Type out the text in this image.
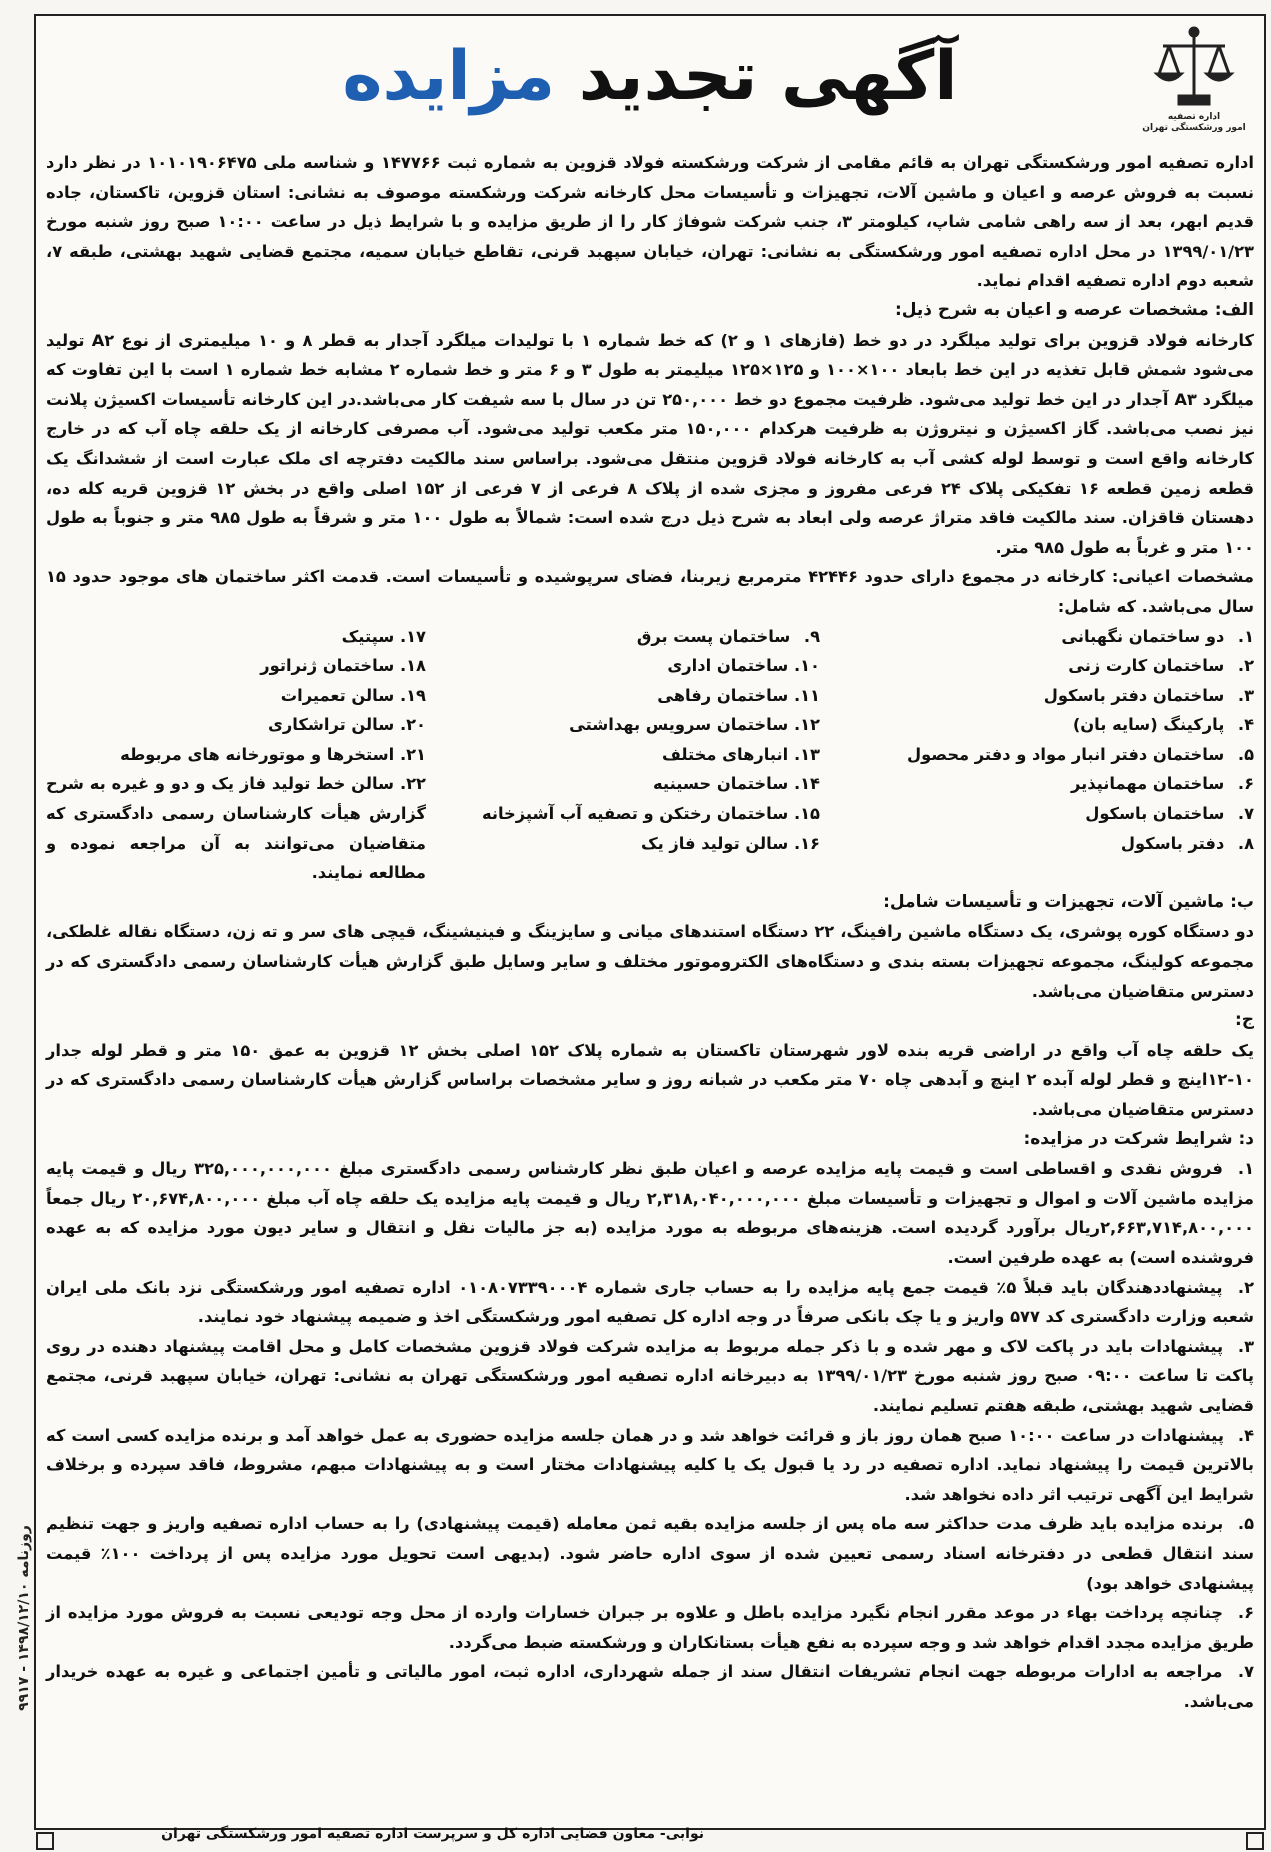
اداره تصفیه
امور ورشکستگی تهران
آگهی تجدید مزایده

اداره تصفیه امور ورشکستگی تهران به قائم مقامی از شرکت ورشکسته فولاد قزوین به شماره ثبت ۱۴۷۷۶۶ و شناسه ملی ۱۰۱۰۱۹۰۶۴۷۵ در نظر دارد نسبت به فروش عرصه و اعیان و ماشین آلات، تجهیزات و تأسیسات محل کارخانه شرکت ورشکسته موصوف به نشانی: استان قزوین، تاکستان، جاده قدیم ابهر، بعد از سه راهی شامی شاپ، کیلومتر ۳، جنب شرکت شوفاژ کار را از طریق مزایده و با شرایط ذیل در ساعت ۱۰:۰۰ صبح روز شنبه مورخ ۱۳۹۹/۰۱/۲۳ در محل اداره تصفیه امور ورشکستگی به نشانی: تهران، خیابان سپهبد قرنی، تقاطع خیابان سمیه، مجتمع قضایی شهید بهشتی، طبقه ۷، شعبه دوم اداره تصفیه اقدام نماید.

الف: مشخصات عرصه و اعیان به شرح ذیل:

کارخانه فولاد قزوین برای تولید میلگرد در دو خط (فازهای ۱ و ۲) که خط شماره ۱ با تولیدات میلگرد آجدار به قطر ۸ و ۱۰ میلیمتری از نوع A۲ تولید می‌شود شمش قابل تغذیه در این خط بابعاد ۱۰۰×۱۰۰ و ۱۲۵×۱۲۵ میلیمتر به طول ۳ و ۶ متر و خط شماره ۲ مشابه خط شماره ۱ است با این تفاوت که میلگرد A۳ آجدار در این خط تولید می‌شود. ظرفیت مجموع دو خط ۲۵۰,۰۰۰ تن در سال با سه شیفت کار می‌باشد.در این کارخانه تأسیسات اکسیژن پلانت نیز نصب می‌باشد. گاز اکسیژن و نیتروژن به ظرفیت هرکدام ۱۵۰,۰۰۰ متر مکعب تولید می‌شود. آب مصرفی کارخانه از یک حلقه چاه آب که در خارج کارخانه واقع است و توسط لوله کشی آب به کارخانه فولاد قزوین منتقل می‌شود. براساس سند مالکیت دفترچه ای ملک عبارت است از ششدانگ یک قطعه زمین قطعه ۱۶ تفکیکی پلاک ۲۴ فرعی مفروز و مجزی شده از پلاک ۸ فرعی از ۷ فرعی از ۱۵۲ اصلی واقع در بخش ۱۲ قزوین قریه کله ده، دهستان قاقزان. سند مالکیت فاقد متراژ عرصه ولی ابعاد به شرح ذیل درج شده است: شمالاً به طول ۱۰۰ متر و شرقاً به طول ۹۸۵ متر و جنوباً به طول ۱۰۰ متر و غرباً به طول ۹۸۵ متر.

مشخصات اعیانی: کارخانه در مجموع دارای حدود ۴۲۴۴۶ مترمربع زیربنا، فضای سرپوشیده و تأسیسات است. قدمت اکثر ساختمان های موجود حدود ۱۵ سال می‌باشد. که شامل:

۱. دو ساختمان نگهبانی
۲. ساختمان کارت زنی
۳. ساختمان دفتر باسکول
۴. پارکینگ (سایه بان)
۵. ساختمان دفتر انبار مواد و دفتر محصول
۶. ساختمان مهمانپذیر
۷. ساختمان باسکول
۸. دفتر باسکول
۹. ساختمان پست برق
۱۰. ساختمان اداری
۱۱. ساختمان رفاهی
۱۲. ساختمان سرویس بهداشتی
۱۳. انبارهای مختلف
۱۴. ساختمان حسینیه
۱۵. ساختمان رختکن و تصفیه آب آشپزخانه
۱۶. سالن تولید فاز یک
۱۷. سپتیک
۱۸. ساختمان ژنراتور
۱۹. سالن تعمیرات
۲۰. سالن تراشکاری
۲۱. استخرها و موتورخانه های مربوطه
۲۲. سالن خط تولید فاز یک و دو و غیره به شرح گزارش هیأت کارشناسان رسمی دادگستری که متقاضیان می‌توانند به آن مراجعه نموده و مطالعه نمایند.

ب: ماشین آلات، تجهیزات و تأسیسات شامل:

دو دستگاه کوره پوشری، یک دستگاه ماشین رافینگ، ۲۲ دستگاه استندهای میانی و سایزینگ و فینیشینگ، قیچی های سر و ته زن، دستگاه نقاله غلطکی، مجموعه کولینگ، مجموعه تجهیزات بسته بندی و دستگاه‌های الکتروموتور مختلف و سایر وسایل طبق گزارش هیأت کارشناسان رسمی دادگستری که در دسترس متقاضیان می‌باشد.

ج:

یک حلقه چاه آب واقع در اراضی قریه بنده لاور شهرستان تاکستان به شماره پلاک ۱۵۲ اصلی بخش ۱۲ قزوین به عمق ۱۵۰ متر و قطر لوله جدار ۱۰-۱۲اینچ و قطر لوله آبده ۲ اینچ و آبدهی چاه ۷۰ متر مکعب در شبانه روز و سایر مشخصات براساس گزارش هیأت کارشناسان رسمی دادگستری که در دسترس متقاضیان می‌باشد.

د: شرایط شرکت در مزایده:

۱. فروش نقدی و اقساطی است و قیمت پایه مزایده عرصه و اعیان طبق نظر کارشناس رسمی دادگستری مبلغ ۳۲۵,۰۰۰,۰۰۰,۰۰۰ ریال و قیمت پایه مزایده ماشین آلات و اموال و تجهیزات و تأسیسات مبلغ ۲,۳۱۸,۰۴۰,۰۰۰,۰۰۰ ریال و قیمت پایه مزایده یک حلقه چاه آب مبلغ ۲۰,۶۷۴,۸۰۰,۰۰۰ ریال جمعاً ۲,۶۶۳,۷۱۴,۸۰۰,۰۰۰ریال برآورد گردیده است. هزینه‌های مربوطه به مورد مزایده (به جز مالیات نقل و انتقال و سایر دیون مورد مزایده که به عهده فروشنده است) به عهده طرفین است.

۲. پیشنهاددهندگان باید قبلاً ۵٪ قیمت جمع پایه مزایده را به حساب جاری شماره ۰۱۰۸۰۷۳۳۹۰۰۰۴ اداره تصفیه امور ورشکستگی نزد بانک ملی ایران شعبه وزارت دادگستری کد ۵۷۷ واریز و یا چک بانکی صرفاً در وجه اداره کل تصفیه امور ورشکستگی اخذ و ضمیمه پیشنهاد خود نمایند.

۳. پیشنهادات باید در پاکت لاک و مهر شده و با ذکر جمله مربوط به مزایده شرکت فولاد قزوین مشخصات کامل و محل اقامت پیشنهاد دهنده در روی پاکت تا ساعت ۰۹:۰۰ صبح روز شنبه مورخ ۱۳۹۹/۰۱/۲۳ به دبیرخانه اداره تصفیه امور ورشکستگی تهران به نشانی: تهران، خیابان سپهبد قرنی، مجتمع قضایی شهید بهشتی، طبقه هفتم تسلیم نمایند.

۴. پیشنهادات در ساعت ۱۰:۰۰ صبح همان روز باز و قرائت خواهد شد و در همان جلسه مزایده حضوری به عمل خواهد آمد و برنده مزایده کسی است که بالاترین قیمت را پیشنهاد نماید. اداره تصفیه در رد یا قبول یک یا کلیه پیشنهادات مختار است و به پیشنهادات مبهم، مشروط، فاقد سپرده و برخلاف شرایط این آگهی ترتیب اثر داده نخواهد شد.

۵. برنده مزایده باید ظرف مدت حداکثر سه ماه پس از جلسه مزایده بقیه ثمن معامله (قیمت پیشنهادی) را به حساب اداره تصفیه واریز و جهت تنظیم سند انتقال قطعی در دفترخانه اسناد رسمی تعیین شده از سوی اداره حاضر شود. (بدیهی است تحویل مورد مزایده پس از پرداخت ۱۰۰٪ قیمت پیشنهادی خواهد بود)

۶. چنانچه پرداخت بهاء در موعد مقرر انجام نگیرد مزایده باطل و علاوه بر جبران خسارات وارده از محل وجه تودیعی نسبت به فروش مورد مزایده از طریق مزایده مجدد اقدام خواهد شد و وجه سپرده به نفع هیأت بستانکاران و ورشکسته ضبط می‌گردد.

۷. مراجعه به ادارات مربوطه جهت انجام تشریفات انتقال سند از جمله شهرداری، اداره ثبت، امور مالیاتی و تأمین اجتماعی و غیره به عهده خریدار می‌باشد.

روزنامه ۱۴۹۸/۱۲/۱۰ - ۹۹۱۷
نوابی- معاون قضایی اداره کل و سرپرست اداره تصفیه امور ورشکستگی تهران
